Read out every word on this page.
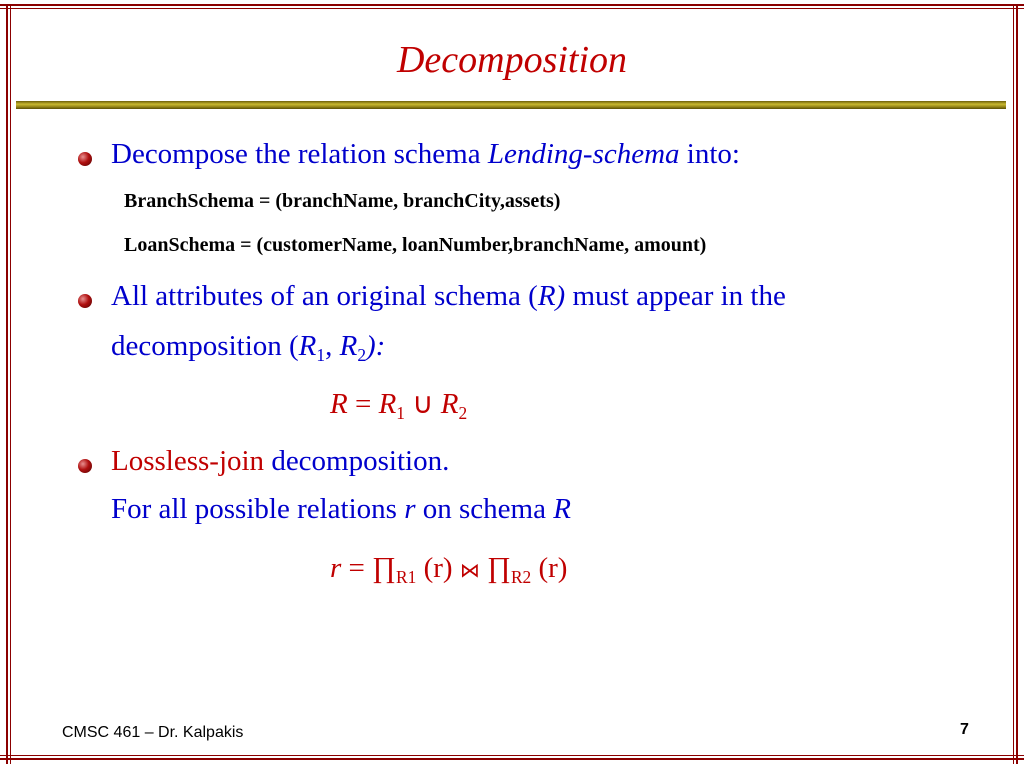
Decomposition
Decompose the relation schema Lending-schema into:
BranchSchema = (branchName, branchCity,assets)
LoanSchema = (customerName, loanNumber,branchName, amount)
All attributes of an original schema (R) must appear in the
decomposition ($R_1$, $R_2$):
$R = R_1$ ∪ $R_2$
Lossless-join decomposition.
For all possible relations r on schema R
$r = \prod_{R1}$ (r) ⋈ $\prod_{R2}$ (r)
CMSC 461 – Dr. Kalpakis	7
